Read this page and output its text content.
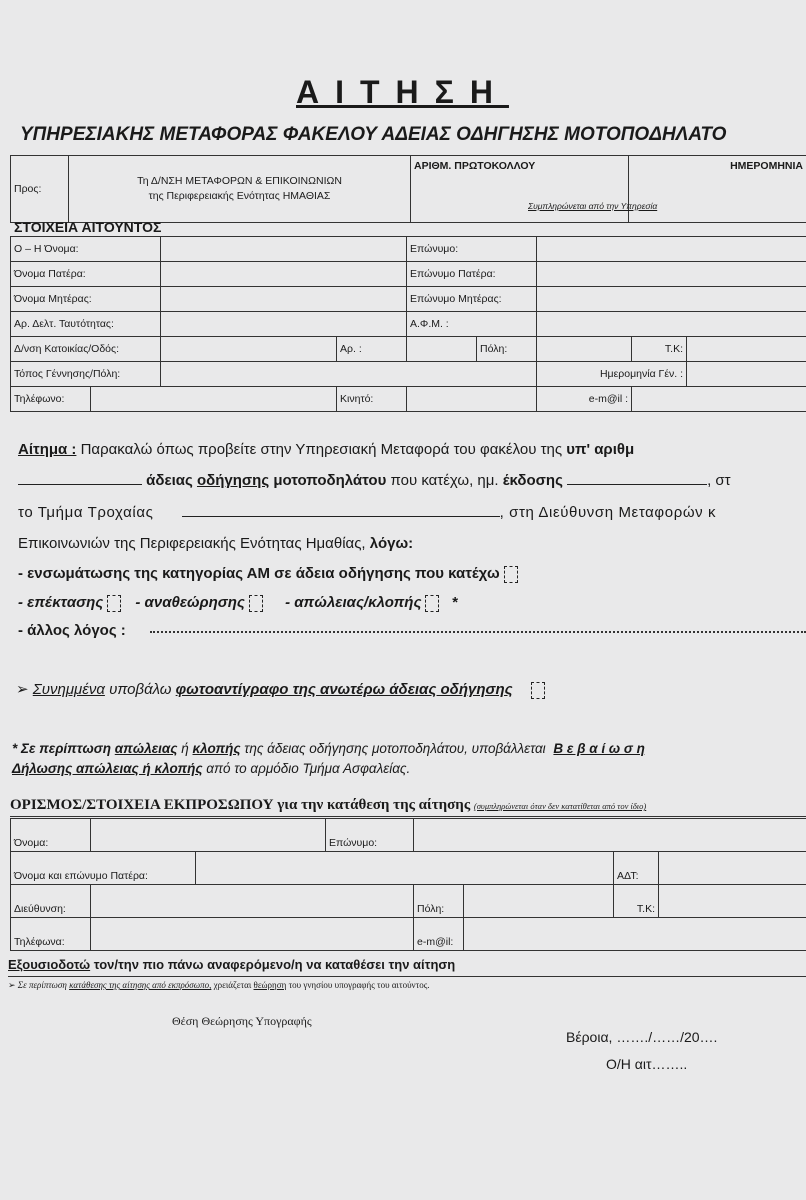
ΑΙΤΗΣΗ
ΥΠΗΡΕΣΙΑΚΗΣ ΜΕΤΑΦΟΡΑΣ ΦΑΚΕΛΟΥ ΑΔΕΙΑΣ ΟΔΗΓΗΣΗΣ ΜΟΤΟΠΟΔΗΛΑΤΟ
Προς:	
Τη Δ/ΝΣΗ ΜΕΤΑΦΟΡΩΝ & ΕΠΙΚΟΙΝΩΝΙΩΝ
της Περιφερειακής Ενότητας ΗΜΑΘΙΑΣ
	ΑΡΙΘΜ. ΠΡΩΤΟΚΟΛΛΟΥ	ΗΜΕΡΟΜΗΝΙΑ
Συμπληρώνεται από την Υπηρεσία
ΣΤΟΙΧΕΙΑ ΑΙΤΟΥΝΤΟΣ
Ο – Η Όνομα:				Επώνυμο:				
Όνομα Πατέρα:				Επώνυμο Πατέρα:				
Όνομα Μητέρας:				Επώνυμο Μητέρας:				
Αρ. Δελτ. Ταυτότητας:				Α.Φ.Μ. :				
Δ/νση Κατοικίας/Οδός:			Αρ. :		Πόλη:		Τ.Κ:	
Τόπος Γέννησης/Πόλη:						Ημερομηνία Γέν. :		
Τηλέφωνο:			Κινητό:			e-m@il :		
Αίτημα : Παρακαλώ όπως προβείτε στην Υπηρεσιακή Μεταφορά του φακέλου της υπ' αριθμ
άδειας οδήγησης μοτοποδηλάτου που κατέχω, ημ. έκδοσης	, στ
το Τμήμα Τροχαίας	, στη Διεύθυνση Μεταφορών κ
Επικοινωνιών της Περιφερειακής Ενότητας Ημαθίας, λόγω:
- ενσωμάτωσης της κατηγορίας ΑΜ σε άδεια οδήγησης που κατέχω
- επέκτασης - αναθεώρησης	- απώλειας/κλοπής *
- άλλος λόγος :
➢ Συνημμένα υποβάλω φωτοαντίγραφο της ανωτέρω άδειας οδήγησης
* Σε περίπτωση απώλειας ή κλοπής της άδειας οδήγησης μοτοποδηλάτου, υποβάλλεται Β ε β α ί ω σ η
Δήλωσης απώλειας ή κλοπής από το αρμόδιο Τμήμα Ασφαλείας.
ΟΡΙΣΜΟΣ/ΣΤΟΙΧΕΙΑ ΕΚΠΡΟΣΩΠΟΥ για την κατάθεση της αίτησης (συμπληρώνεται όταν δεν κατατίθεται από τον ίδιο)
Όνομα:			Επώνυμο:				
Όνομα και επώνυμο Πατέρα:						ΑΔΤ:	
Διεύθυνση:				Πόλη:		Τ.Κ:	
Τηλέφωνα:				e-m@il:			
Εξουσιοδοτώ τον/την πιο πάνω αναφερόμενο/η να καταθέσει την αίτηση
➢ Σε περίπτωση κατάθεσης της αίτησης από εκπρόσωπο, χρειάζεται θεώρηση του γνησίου υπογραφής του αιτούντος.
Θέση Θεώρησης Υπογραφής
Βέροια, ……./……/20….
Ο/Η αιτ……..
